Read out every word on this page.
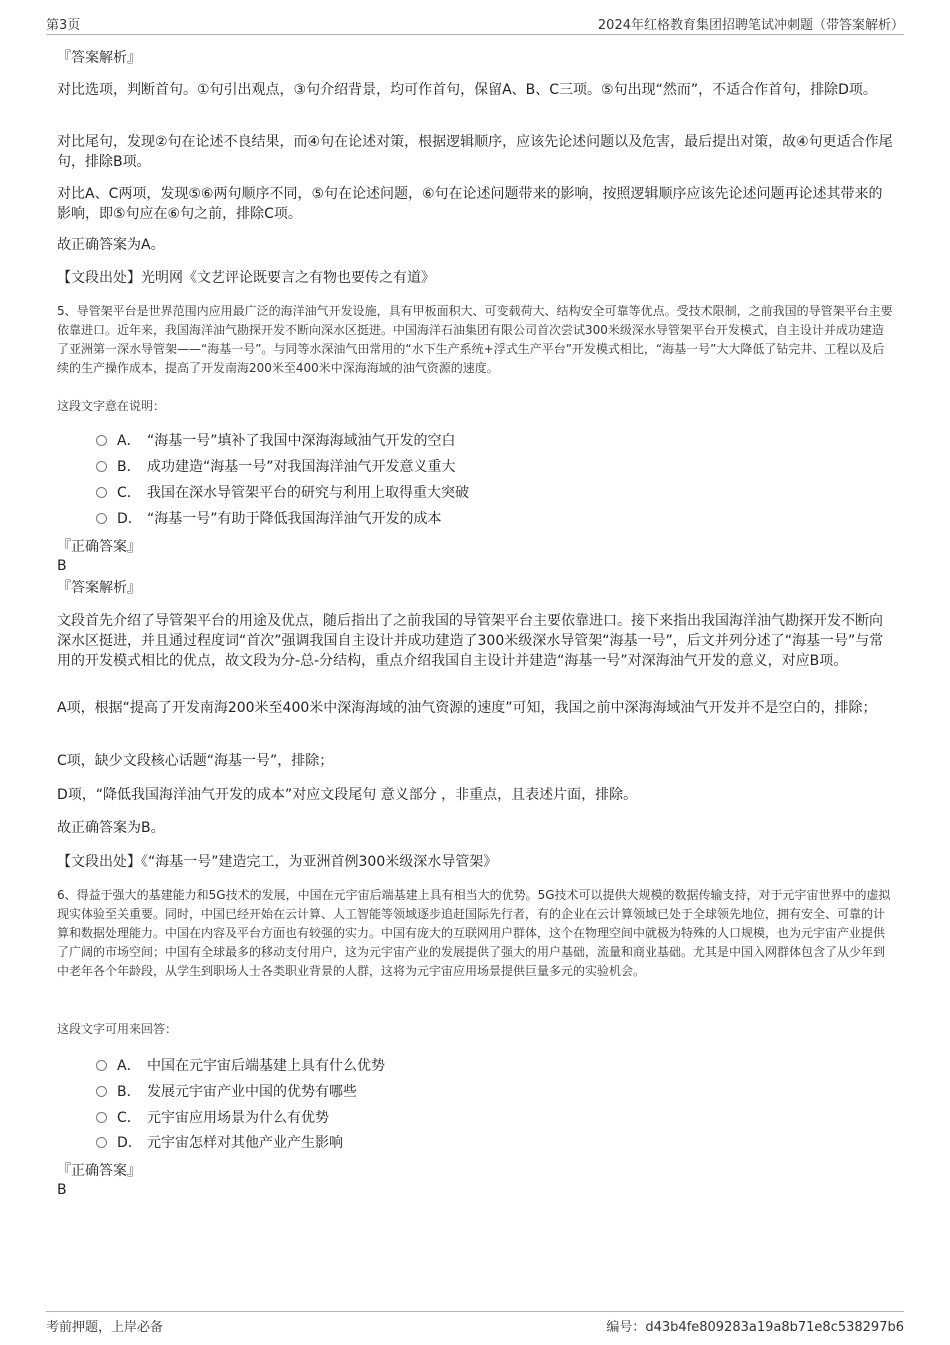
第3页	2024年红格教育集团招聘笔试冲刺题（带答案解析）
『答案解析』
对比选项，判断首句。①句引出观点，③句介绍背景，均可作首句，保留A、B、C三项。⑤句出现“然而”，不适合作首句，排除D项。
对比尾句，发现②句在论述不良结果，而④句在论述对策，根据逻辑顺序，应该先论述问题以及危害，最后提出对策，故④句更适合作尾句，排除B项。
对比A、C两项，发现⑤⑥两句顺序不同，⑤句在论述问题，⑥句在论述问题带来的影响，按照逻辑顺序应该先论述问题再论述其带来的影响，即⑤句应在⑥句之前，排除C项。
故正确答案为A。
【文段出处】光明网《文艺评论既要言之有物也要传之有道》
5、导管架平台是世界范围内应用最广泛的海洋油气开发设施，具有甲板面积大、可变载荷大、结构安全可靠等优点。受技术限制，之前我国的导管架平台主要依靠进口。近年来，我国海洋油气勘探开发不断向深水区挺进。中国海洋石油集团有限公司首次尝试300米级深水导管架平台开发模式，自主设计并成功建造了亚洲第一深水导管架——“海基一号”。与同等水深油气田常用的“水下生产系统+浮式生产平台”开发模式相比，“海基一号”大大降低了钻完井、工程以及后续的生产操作成本，提高了开发南海200米至400米中深海海域的油气资源的速度。
这段文字意在说明：
A． “海基一号”填补了我国中深海海域油气开发的空白
B． 成功建造“海基一号”对我国海洋油气开发意义重大
C． 我国在深水导管架平台的研究与利用上取得重大突破
D． “海基一号”有助于降低我国海洋油气开发的成本
『正确答案』
B
『答案解析』
文段首先介绍了导管架平台的用途及优点，随后指出了之前我国的导管架平台主要依靠进口。接下来指出我国海洋油气勘探开发不断向深水区挺进，并且通过程度词“首次”强调我国自主设计并成功建造了300米级深水导管架“海基一号”，后文并列分述了“海基一号”与常用的开发模式相比的优点，故文段为分-总-分结构，重点介绍我国自主设计并建造“海基一号”对深海油气开发的意义，对应B项。
A项，根据“提高了开发南海200米至400米中深海海域的油气资源的速度”可知，我国之前中深海海域油气开发并不是空白的，排除；
C项，缺少文段核心话题“海基一号”，排除；
D项，“降低我国海洋油气开发的成本”对应文段尾句 意义部分 ，非重点，且表述片面，排除。
故正确答案为B。
【文段出处】《“海基一号”建造完工，为亚洲首例300米级深水导管架》
6、得益于强大的基建能力和5G技术的发展，中国在元宇宙后端基建上具有相当大的优势。5G技术可以提供大规模的数据传输支持，对于元宇宙世界中的虚拟现实体验至关重要。同时，中国已经开始在云计算、人工智能等领域逐步追赶国际先行者，有的企业在云计算领域已处于全球领先地位，拥有安全、可靠的计算和数据处理能力。中国在内容及平台方面也有较强的实力。中国有庞大的互联网用户群体，这个在物理空间中就极为特殊的人口规模，也为元宇宙产业提供了广阔的市场空间；中国有全球最多的移动支付用户，这为元宇宙产业的发展提供了强大的用户基础，流量和商业基础。尤其是中国入网群体包含了从少年到中老年各个年龄段，从学生到职场人士各类职业背景的人群，这将为元宇宙应用场景提供巨量多元的实验机会。
这段文字可用来回答：
A． 中国在元宇宙后端基建上具有什么优势
B． 发展元宇宙产业中国的优势有哪些
C． 元宇宙应用场景为什么有优势
D． 元宇宙怎样对其他产业产生影响
『正确答案』
B
考前押题，上岸必备	编号：d43b4fe809283a19a8b71e8c538297b6
